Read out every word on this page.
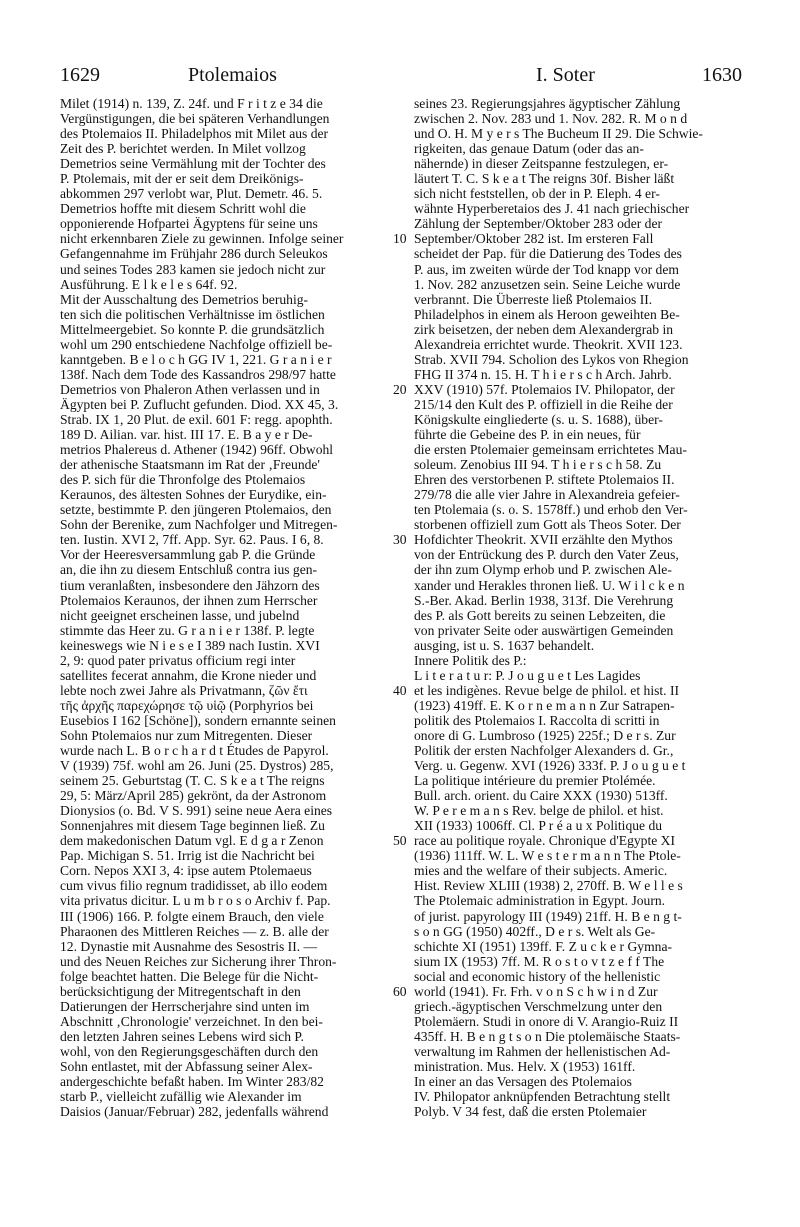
1629	Ptolemaios	I. Soter	1630
Milet (1914) n. 139, Z. 24f. und F r i t z e 34 die
Vergünstigungen, die bei späteren Verhandlungen
des Ptolemaios II. Philadelphos mit Milet aus der
Zeit des P. berichtet werden. In Milet vollzog
Demetrios seine Vermählung mit der Tochter des
P. Ptolemais, mit der er seit dem Dreikönigs-
abkommen 297 verlobt war, Plut. Demetr. 46. 5.
Demetrios hoffte mit diesem Schritt wohl die
opponierende Hofpartei Ägyptens für seine uns
nicht erkennbaren Ziele zu gewinnen. Infolge seiner
Gefangennahme im Frühjahr 286 durch Seleukos
und seines Todes 283 kamen sie jedoch nicht zur
Ausführung. E l k e l e s 64f. 92.
Mit der Ausschaltung des Demetrios beruhig-
ten sich die politischen Verhältnisse im östlichen
Mittelmeergebiet. So konnte P. die grundsätzlich
wohl um 290 entschiedene Nachfolge offiziell be-
kanntgeben. B e l o c h GG IV 1, 221. G r a n i e r
138f. Nach dem Tode des Kassandros 298/97 hatte
Demetrios von Phaleron Athen verlassen und in
Ägypten bei P. Zuflucht gefunden. Diod. XX 45, 3.
Strab. IX 1, 20 Plut. de exil. 601 F: regg. apophth.
189 D. Ailian. var. hist. III 17. E. B a y e r De-
metrios Phalereus d. Athener (1942) 96ff. Obwohl
der athenische Staatsmann im Rat der ‚Freunde'
des P. sich für die Thronfolge des Ptolemaios
Keraunos, des ältesten Sohnes der Eurydike, ein-
setzte, bestimmte P. den jüngeren Ptolemaios, den
Sohn der Berenike, zum Nachfolger und Mitregen-
ten. Iustin. XVI 2, 7ff. App. Syr. 62. Paus. I 6, 8.
Vor der Heeresversammlung gab P. die Gründe
an, die ihn zu diesem Entschluß contra ius gen-
tium veranlaßten, insbesondere den Jähzorn des
Ptolemaios Keraunos, der ihnen zum Herrscher
nicht geeignet erscheinen lasse, und jubelnd
stimmte das Heer zu. G r a n i e r 138f. P. legte
keineswegs wie N i e s e I 389 nach Iustin. XVI
2, 9: quod pater privatus officium regi inter
satellites fecerat annahm, die Krone nieder und
lebte noch zwei Jahre als Privatmann, ζῶν ἔτι
τῆς ἀρχῆς παρεχώρησε τῷ υἱῷ (Porphyrios bei
Eusebios I 162 [Schöne]), sondern ernannte seinen
Sohn Ptolemaios nur zum Mitregenten. Dieser
wurde nach L. B o r c h a r d t Études de Papyrol.
V (1939) 75f. wohl am 26. Juni (25. Dystros) 285,
seinem 25. Geburtstag (T. C. S k e a t The reigns
29, 5: März/April 285) gekrönt, da der Astronom
Dionysios (o. Bd. V S. 991) seine neue Aera eines
Sonnenjahres mit diesem Tage beginnen ließ. Zu
dem makedonischen Datum vgl. E d g a r Zenon
Pap. Michigan S. 51. Irrig ist die Nachricht bei
Corn. Nepos XXI 3, 4: ipse autem Ptolemaeus
cum vivus filio regnum tradidisset, ab illo eodem
vita privatus dicitur. L u m b r o s o Archiv f. Pap.
III (1906) 166. P. folgte einem Brauch, den viele
Pharaonen des Mittleren Reiches — z. B. alle der
12. Dynastie mit Ausnahme des Sesostris II. —
und des Neuen Reiches zur Sicherung ihrer Thron-
folge beachtet hatten. Die Belege für die Nicht-
berücksichtigung der Mitregentschaft in den
Datierungen der Herrscherjahre sind unten im
Abschnitt ‚Chronologie' verzeichnet. In den bei-
den letzten Jahren seines Lebens wird sich P.
wohl, von den Regierungsgeschäften durch den
Sohn entlastet, mit der Abfassung seiner Alex-
andergeschichte befaßt haben. Im Winter 283/82
starb P., vielleicht zufällig wie Alexander im
Daisios (Januar/Februar) 282, jedenfalls während
10
20
30
40
50
60
seines 23. Regierungsjahres ägyptischer Zählung
zwischen 2. Nov. 283 und 1. Nov. 282. R. M o n d
und O. H. M y e r s The Bucheum II 29. Die Schwie-
rigkeiten, das genaue Datum (oder das an-
nähernde) in dieser Zeitspanne festzulegen, er-
läutert T. C. S k e a t The reigns 30f. Bisher läßt
sich nicht feststellen, ob der in P. Eleph. 4 er-
wähnte Hyperberetaios des J. 41 nach griechischer
Zählung der September/Oktober 283 oder der
September/Oktober 282 ist. Im ersteren Fall
scheidet der Pap. für die Datierung des Todes des
P. aus, im zweiten würde der Tod knapp vor dem
1. Nov. 282 anzusetzen sein. Seine Leiche wurde
verbrannt. Die Überreste ließ Ptolemaios II.
Philadelphos in einem als Heroon geweihten Be-
zirk beisetzen, der neben dem Alexandergrab in
Alexandreia errichtet wurde. Theokrit. XVII 123.
Strab. XVII 794. Scholion des Lykos von Rhegion
FHG II 374 n. 15. H. T h i e r s c h Arch. Jahrb.
XXV (1910) 57f. Ptolemaios IV. Philopator, der
215/14 den Kult des P. offiziell in die Reihe der
Königskulte eingliederte (s. u. S. 1688), über-
führte die Gebeine des P. in ein neues, für
die ersten Ptolemaier gemeinsam errichtetes Mau-
soleum. Zenobius III 94. T h i e r s c h 58. Zu
Ehren des verstorbenen P. stiftete Ptolemaios II.
279/78 die alle vier Jahre in Alexandreia gefeier-
ten Ptolemaia (s. o. S. 1578ff.) und erhob den Ver-
storbenen offiziell zum Gott als Theos Soter. Der
Hofdichter Theokrit. XVII erzählte den Mythos
von der Entrückung des P. durch den Vater Zeus,
der ihn zum Olymp erhob und P. zwischen Ale-
xander und Herakles thronen ließ. U. W i l c k e n
S.-Ber. Akad. Berlin 1938, 313f. Die Verehrung
des P. als Gott bereits zu seinen Lebzeiten, die
von privater Seite oder auswärtigen Gemeinden
ausging, ist u. S. 1637 behandelt.
Innere Politik des P.:
L i t e r a t u r: P. J o u g u e t Les Lagides
et les indigènes. Revue belge de philol. et hist. II
(1923) 419ff. E. K o r n e m a n n Zur Satrapen-
politik des Ptolemaios I. Raccolta di scritti in
onore di G. Lumbroso (1925) 225f.; D e r s. Zur
Politik der ersten Nachfolger Alexanders d. Gr.,
Verg. u. Gegenw. XVI (1926) 333f. P. J o u g u e t
La politique intérieure du premier Ptolémée.
Bull. arch. orient. du Caire XXX (1930) 513ff.
W. P e r e m a n s Rev. belge de philol. et hist.
XII (1933) 1006ff. Cl. P r é a u x Politique du
race au politique royale. Chronique d'Egypte XI
(1936) 111ff. W. L. W e s t e r m a n n The Ptole-
mies and the welfare of their subjects. Americ.
Hist. Review XLIII (1938) 2, 270ff. B. W e l l e s
The Ptolemaic administration in Egypt. Journ.
of jurist. papyrology III (1949) 21ff. H. B e n g t-
s o n GG (1950) 402ff., D e r s. Welt als Ge-
schichte XI (1951) 139ff. F. Z u c k e r Gymna-
sium IX (1953) 7ff. M. R o s t o v t z e f f The
social and economic history of the hellenistic
world (1941). Fr. Frh. v o n S c h w i n d Zur
griech.-ägyptischen Verschmelzung unter den
Ptolemäern. Studi in onore di V. Arangio-Ruiz II
435ff. H. B e n g t s o n Die ptolemäische Staats-
verwaltung im Rahmen der hellenistischen Ad-
ministration. Mus. Helv. X (1953) 161ff.
In einer an das Versagen des Ptolemaios
IV. Philopator anknüpfenden Betrachtung stellt
Polyb. V 34 fest, daß die ersten Ptolemaier
